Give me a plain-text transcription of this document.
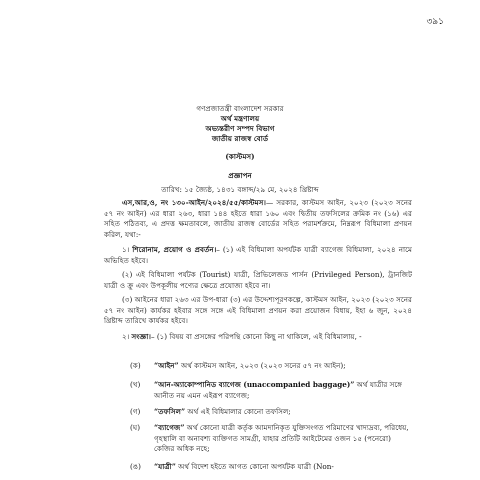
৩৯১
গণপ্রজাতন্ত্রী বাংলাদেশ সরকার
অর্থ মন্ত্রণালয়
অভ্যন্তরীণ সম্পদ বিভাগ
জাতীয় রাজস্ব বোর্ড
(কাস্টমস)
প্রজ্ঞাপন
তারিখ: ১৫ জ্যৈষ্ঠ, ১৪৩১ বঙ্গাব্দ/২৯ মে, ২০২৪ খ্রিষ্টাব্দ
এস,আর,ও, নং ১৩০-আইন/২০২৪/৫৫/কাস্টমস।— সরকার, কাস্টমস আইন, ২০২৩ (২০২৩ সনের ৫৭ নং আইন) এর ধারা ২৬৩, ধারা ১৪৪ হইতে ধারা ১৬০ এবং দ্বিতীয় তফসিলের ক্রমিক নং (১৬) এর সহিত পঠিতব্য, এ প্রদত্ত ক্ষমতাবলে, জাতীয় রাজস্ব বোর্ডের সহিত পরামর্শক্রমে, নিম্নরূপ বিধিমালা প্রণয়ন করিল, যথা:-
১। শিরোনাম, প্রয়োগ ও প্রবর্তন।– (১) এই বিধিমালা অপর্যটক যাত্রী ব্যাগেজ বিধিমালা, ২০২৪ নামে অভিহিত হইবে।
(২) এই বিধিমালা পর্যটক (Tourist) যাত্রী, প্রিভিলেজড পার্সন (Privileged Person), ট্রানজিট যাত্রী ও ক্রু এবং উপকূলীয় পণ্যের ক্ষেত্রে প্রযোজ্য হইবে না।
(৩) আইনের ধারা ২৬৩ এর উপ-ধারা (৩) এর উদ্দেশ্যপূরণকল্পে, কাস্টমস আইন, ২০২৩ (২০২৩ সনের ৫৭ নং আইন) কার্যকর হইবার সঙ্গে সঙ্গে এই বিধিমালা প্রণয়ন করা প্রয়োজন বিধায়, ইহা ৬ জুন, ২০২৪ খ্রিষ্টাব্দ তারিখে কার্যকর হইবে।
২। সংজ্ঞা।– (১) বিষয় বা প্রসঙ্গের পরিপন্থি কোনো কিছু না থাকিলে, এই বিধিমালায়, -
(ক)	“আইন” অর্থ কাস্টমস আইন, ২০২৩ (২০২৩ সনের ৫৭ নং আইন);
(খ)	“আন-অ্যাকোম্পানিড ব্যাগেজ (unaccompanied baggage)” অর্থ যাত্রীর সঙ্গে আনীত নয় এমন এইরূপ ব্যাগেজ;
(গ)	“তফসিল” অর্থ এই বিধিমালার কোনো তফসিল;
(ঘ)	“ব্যাগেজ” অর্থ কোনো যাত্রী কর্তৃক আমদানিকৃত যুক্তিসংগত পরিমাণের খাদ্যদ্রব্য, পরিধেয়, গৃহস্থালি বা অনাবশ্য ব্যক্তিগত সামগ্রী, যাহার প্রতিটি আইটেমের ওজন ১৫ (পনেরো) কেজির অধিক নহে;
(ঙ)	“যাত্রী” অর্থ বিদেশ হইতে আগত কোনো অপর্যটক যাত্রী (Non-
